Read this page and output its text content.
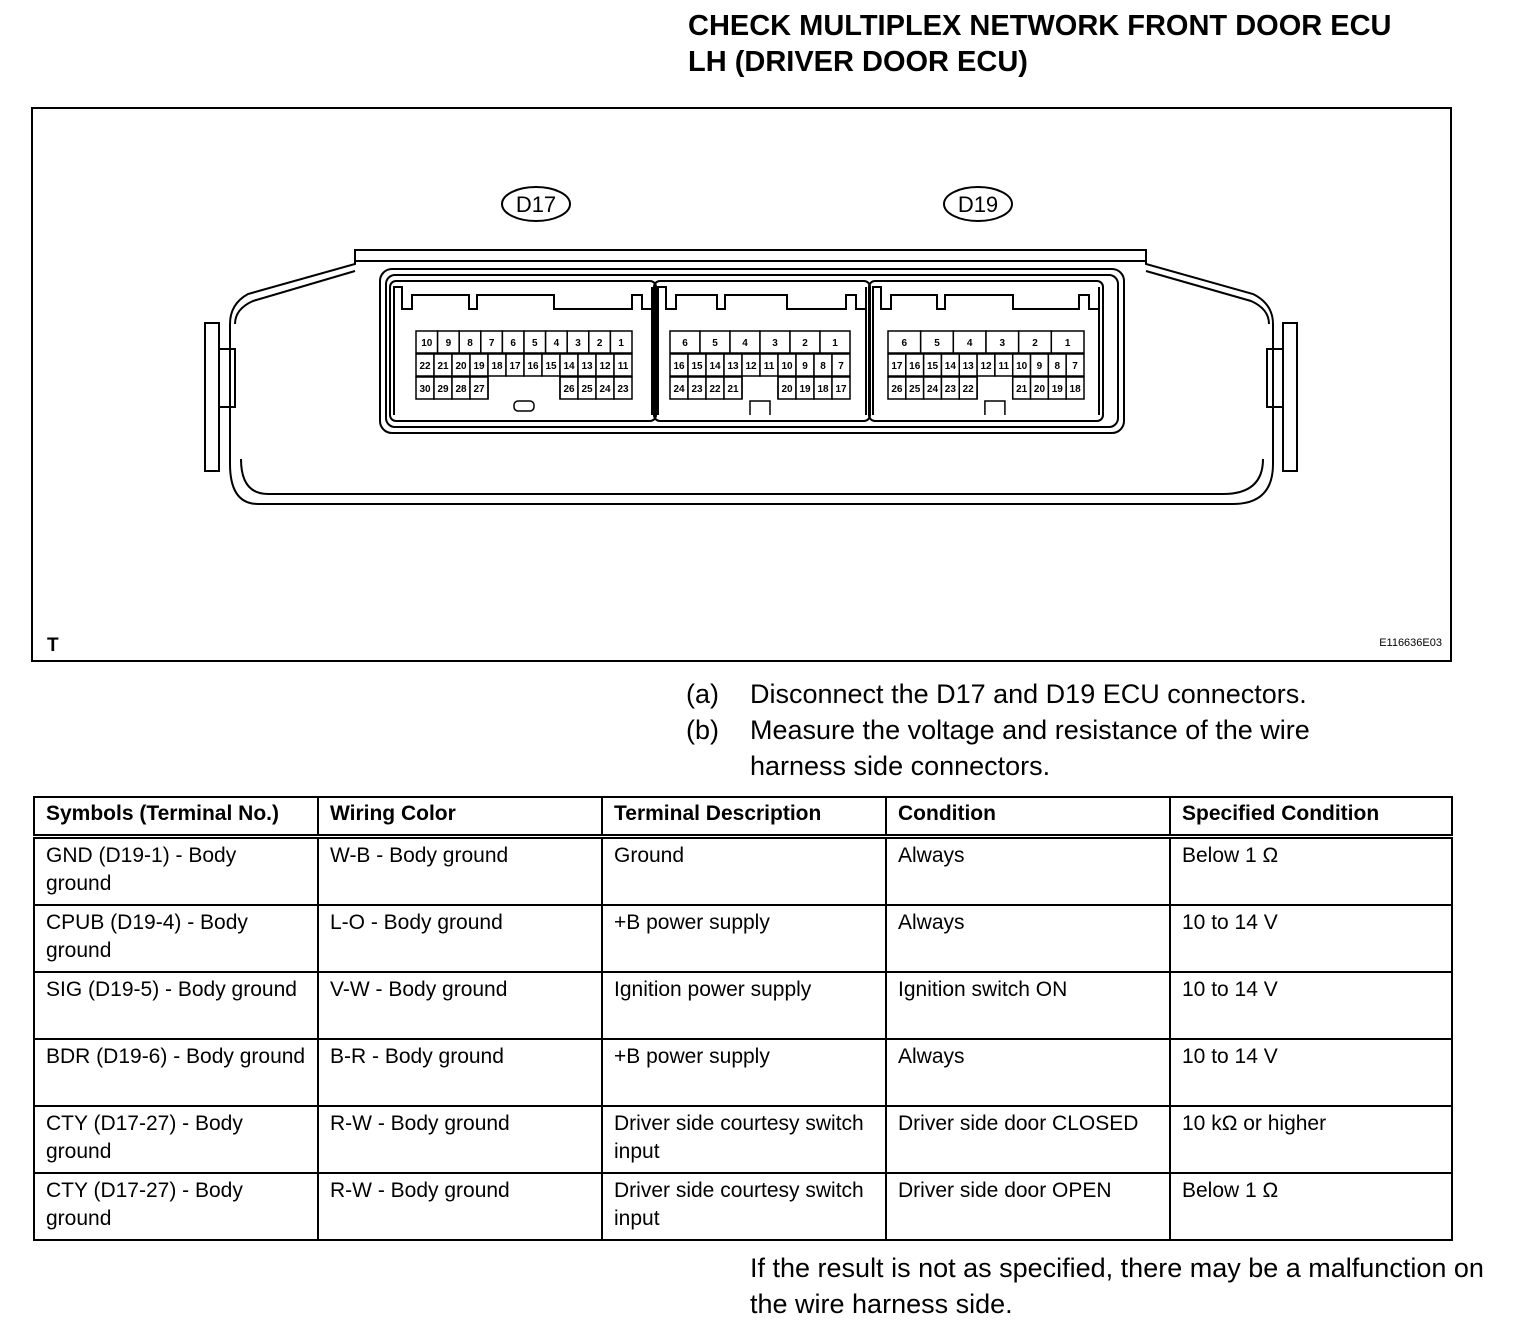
CHECK MULTIPLEX NETWORK FRONT DOOR ECU
LH (DRIVER DOOR ECU)
D17	D19
10 9 8 7 6 5 4 3 2 1
22 21 20 19 18 17 16 15 14 13 12 11
30 29 28 27	26 25 24 23
6 5 4 3 2 1
16 15 14 13 12 11 10 9 8 7
24 23 22 21	20 19 18 17
6	5	4	3	2	1
17 16 15 14 13 12 11 10 9 8 7
26 25 24 23 22	21 20 19 18
T	E116636E03
(a)	Disconnect the D17 and D19 ECU connectors.
(b)	Measure the voltage and resistance of the wire harness side connectors.
Symbols (Terminal No.)	Wiring Color	Terminal Description	Condition	Specified Condition
GND (D19-1) - Body ground	W-B - Body ground	Ground	Always	Below 1 Ω
CPUB (D19-4) - Body ground	L-O - Body ground	+B power supply	Always	10 to 14 V
SIG (D19-5) - Body ground	V-W - Body ground	Ignition power supply	Ignition switch ON	10 to 14 V
BDR (D19-6) - Body ground	B-R - Body ground	+B power supply	Always	10 to 14 V
CTY (D17-27) - Body ground	R-W - Body ground	Driver side courtesy switch input	Driver side door CLOSED	10 kΩ or higher
CTY (D17-27) - Body ground	R-W - Body ground	Driver side courtesy switch input	Driver side door OPEN	Below 1 Ω
If the result is not as specified, there may be a malfunction on the wire harness side.
